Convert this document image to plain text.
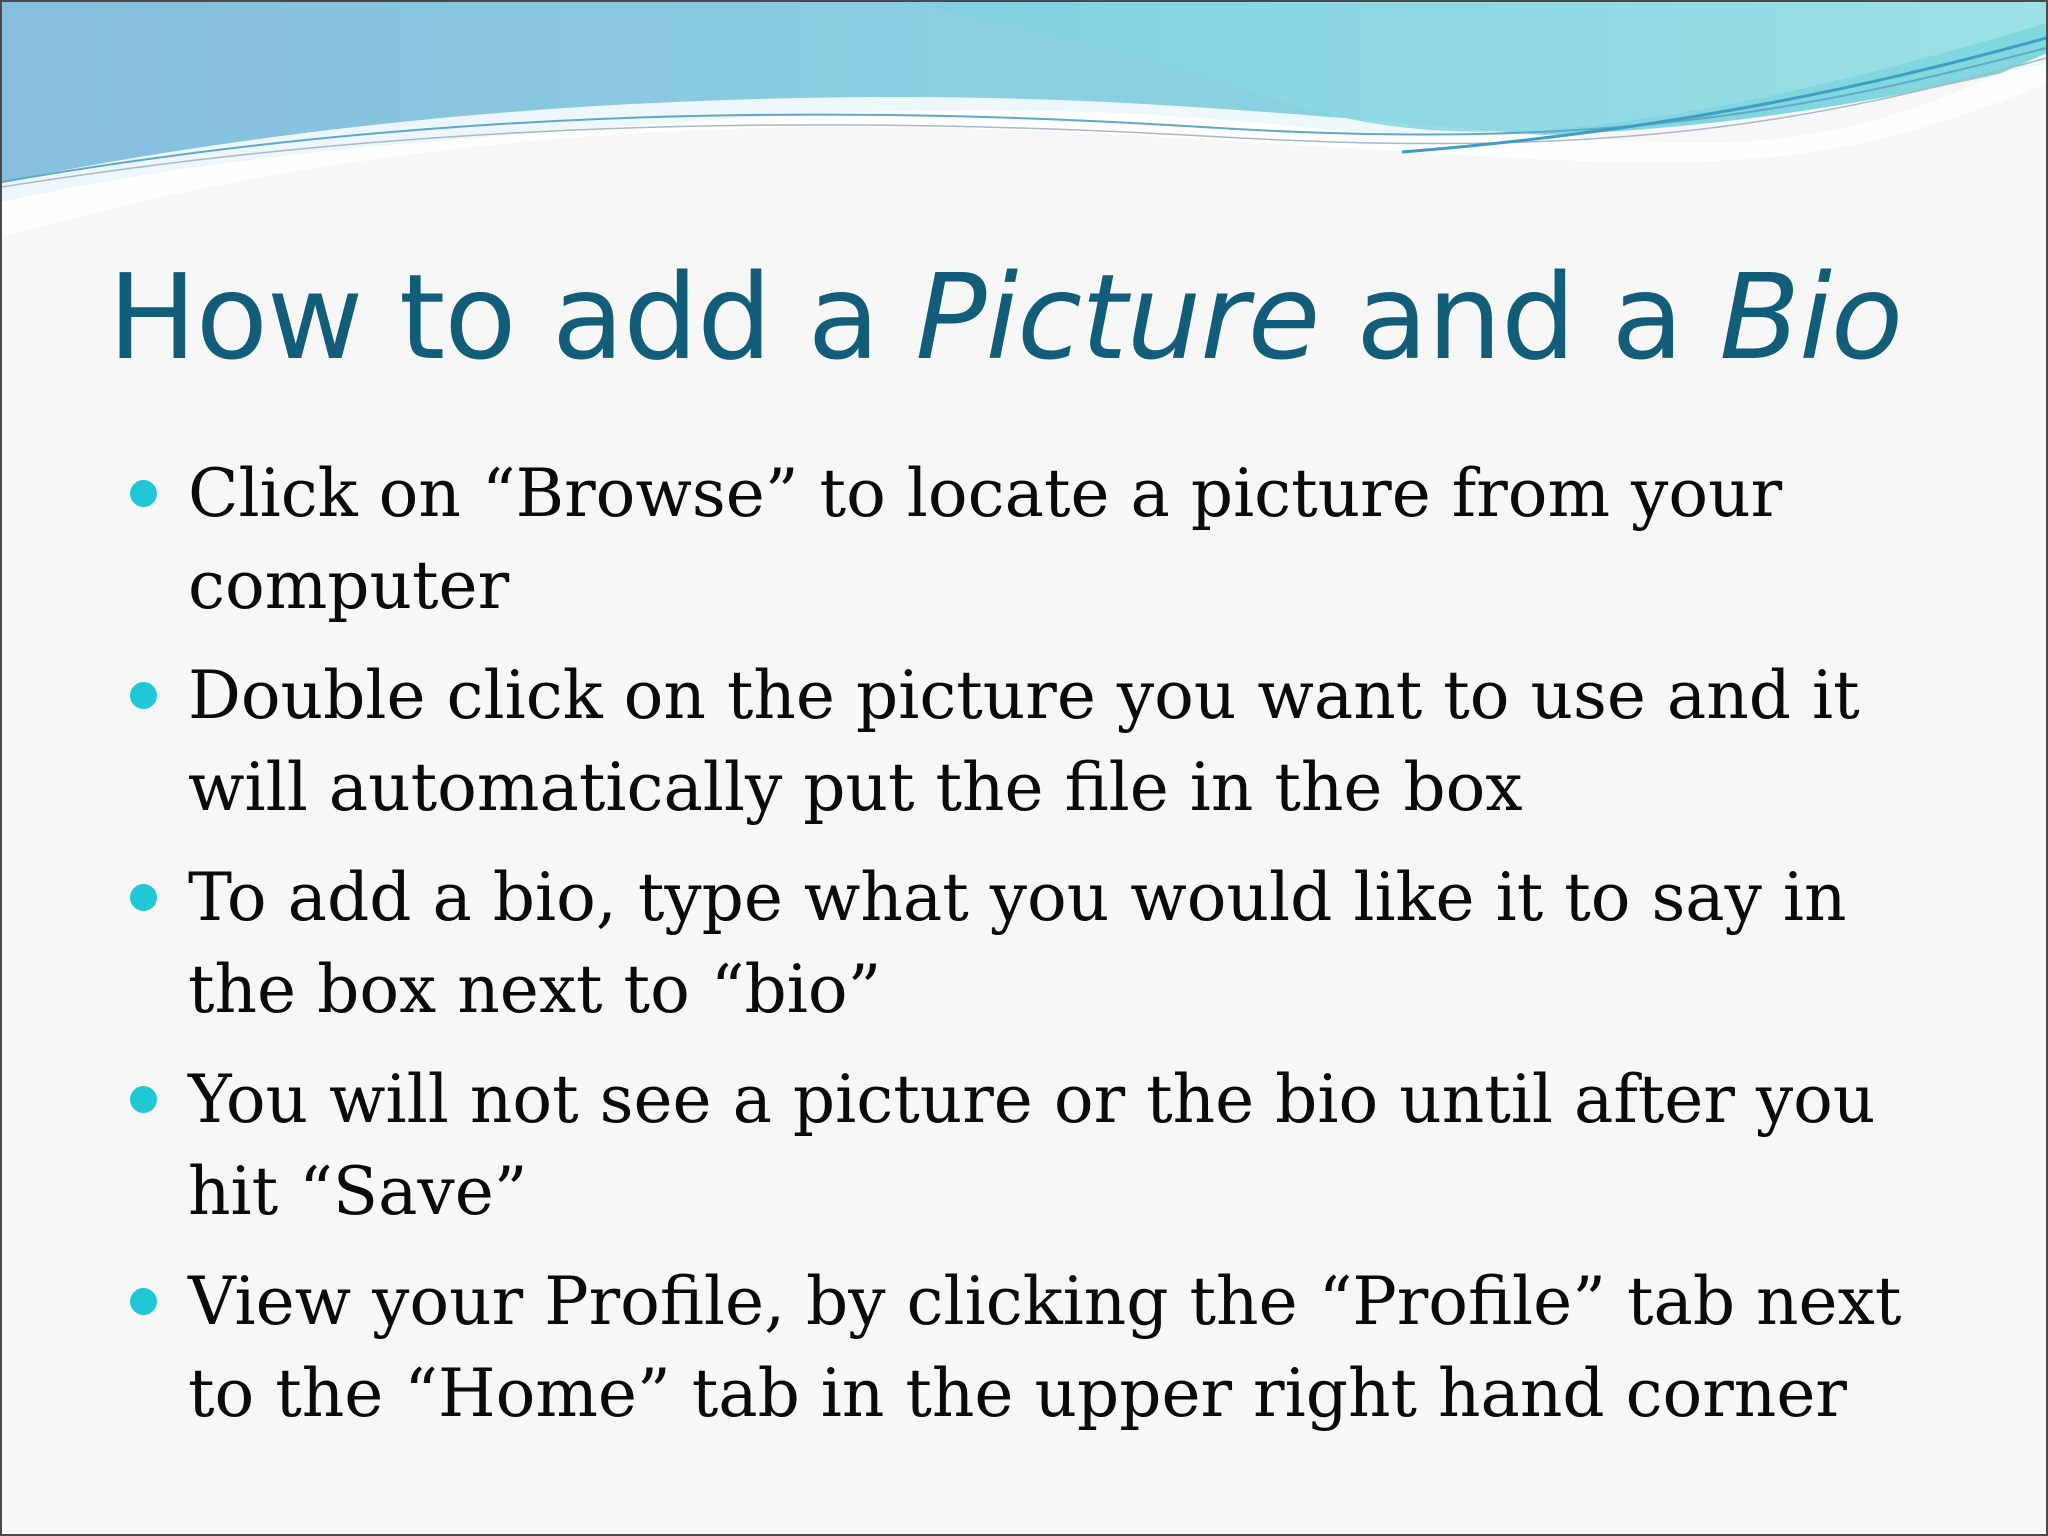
How to add a Picture and a Bio
Click on “Browse” to locate a picture from your computer
Double click on the picture you want to use and it will automatically put the file in the box
To add a bio, type what you would like it to say in the box next to “bio”
You will not see a picture or the bio until after you hit “Save”
View your Profile, by clicking the “Profile” tab next to the “Home” tab in the upper right hand corner
